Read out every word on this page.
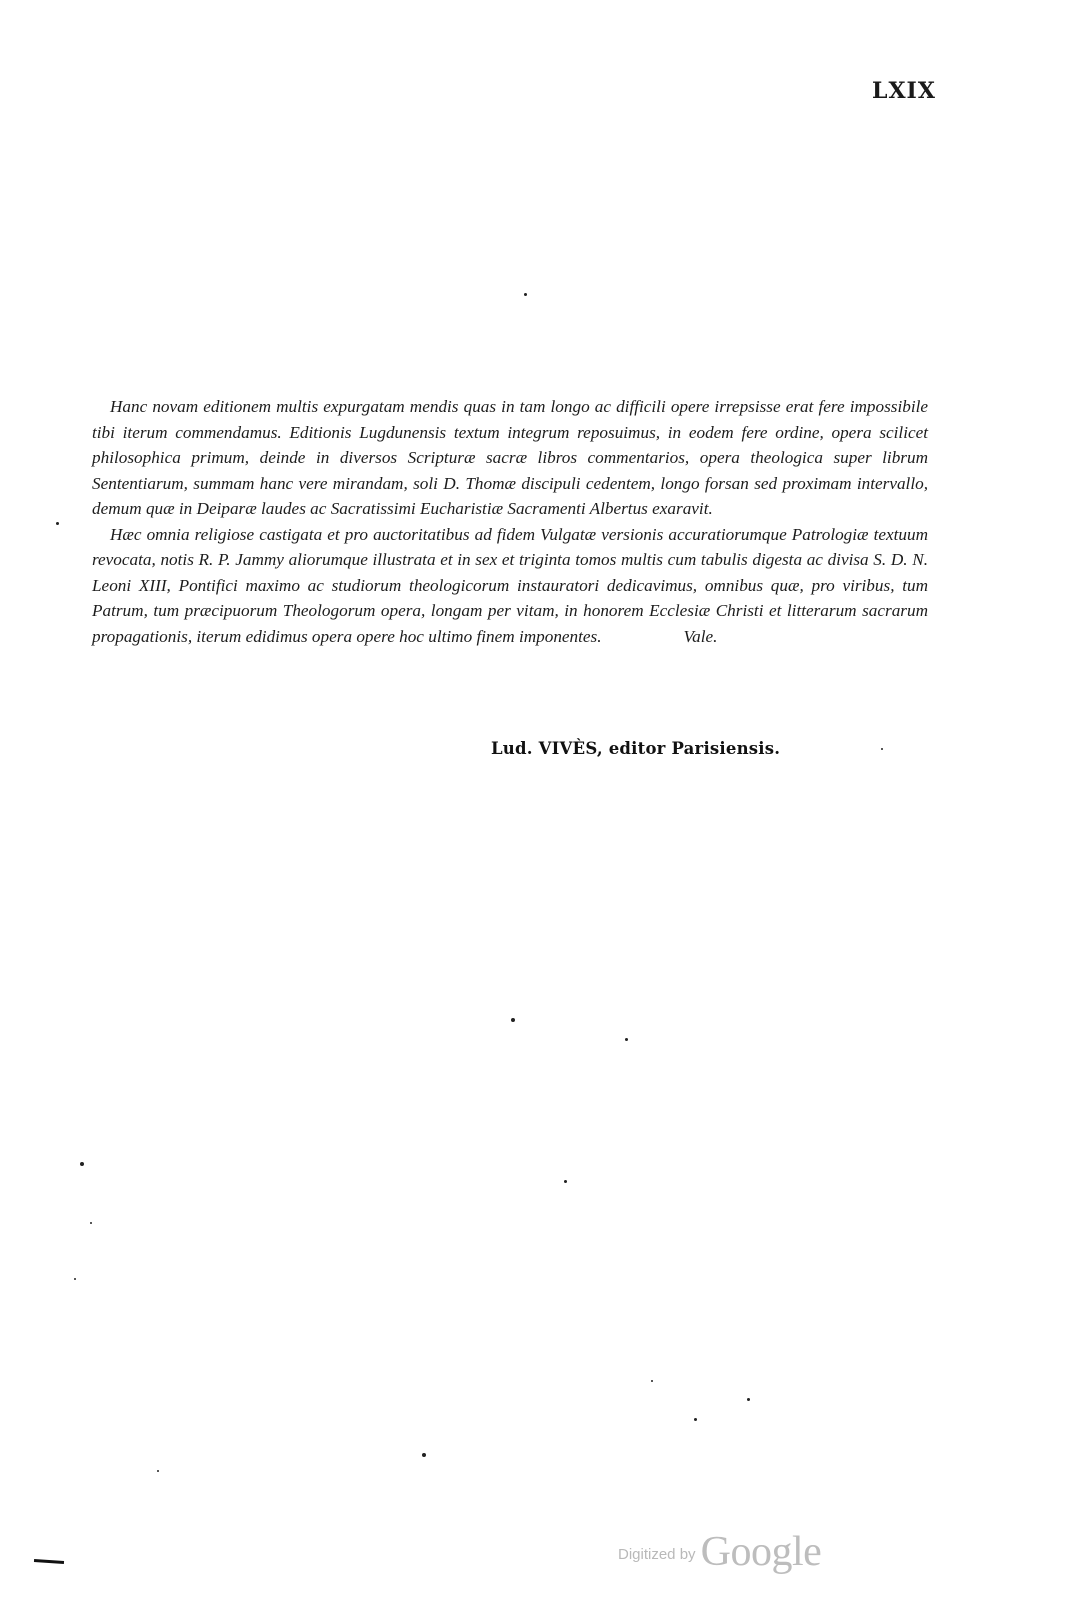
LXIX

Hanc novam editionem multis expurgatam mendis quas in tam longo ac difficili opere irrepsisse erat fere impossibile tibi iterum commendamus. Editionis Lugdunensis textum integrum reposuimus, in eodem fere ordine, opera scilicet philosophica primum, deinde in diversos Scripturæ sacræ libros commentarios, opera theologica super librum Sententiarum, summam hanc vere mirandam, soli D. Thomæ discipuli cedentem, longo forsan sed proximam intervallo, demum quæ in Deiparæ laudes ac Sacratissimi Eucharistiæ Sacramenti Albertus exaravit.

Hæc omnia religiose castigata et pro auctoritatibus ad fidem Vulgatæ versionis accuratiorumque Patrologiæ textuum revocata, notis R. P. Jammy aliorumque illustrata et in sex et triginta tomos multis cum tabulis digesta ac divisa S. D. N. Leoni XIII, Pontifici maximo ac studiorum theologicorum instauratori dedicavimus, omnibus quæ, pro viribus, tum Patrum, tum præcipuorum Theologorum opera, longam per vitam, in honorem Ecclesiæ Christi et litterarum sacrarum propagationis, iterum edidimus opera opere hoc ultimo finem imponentes.	Vale.

Lud. VIVÈS, editor Parisiensis.
Digitized by Google
